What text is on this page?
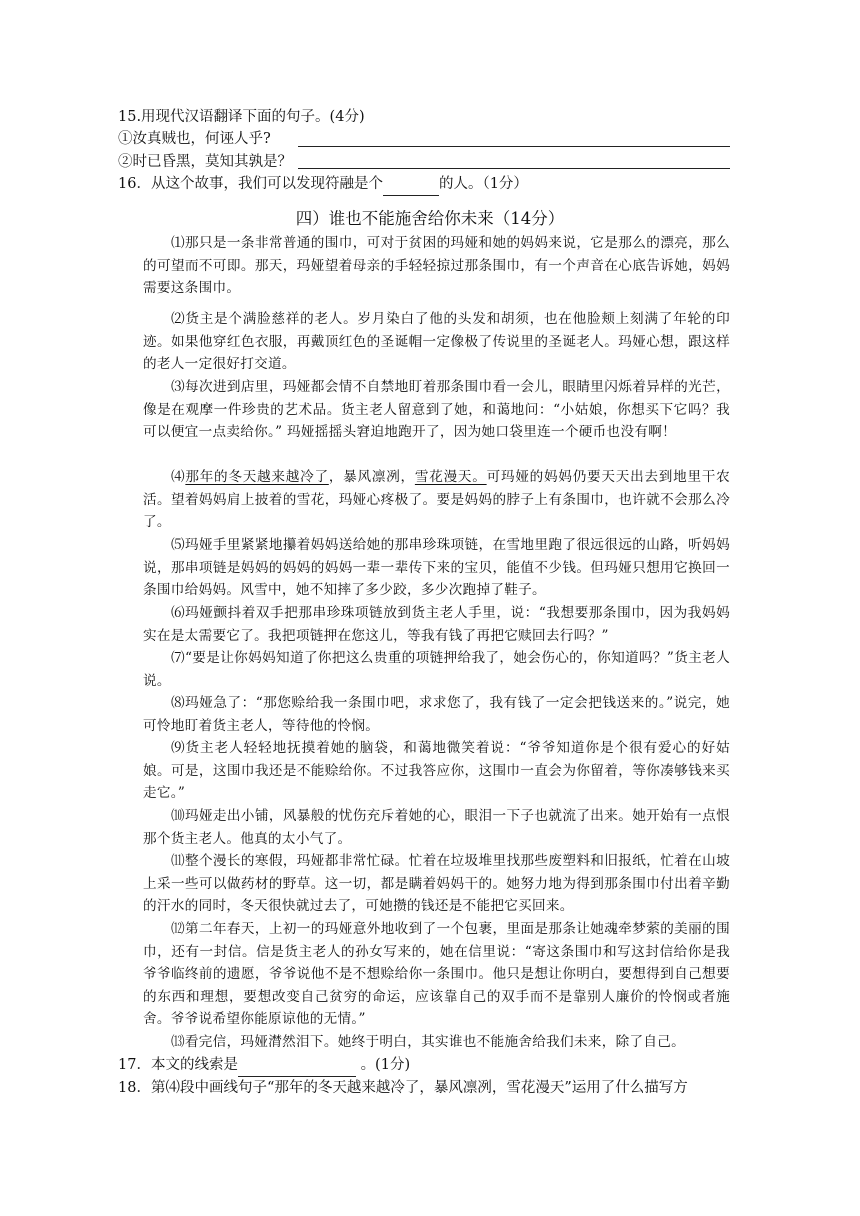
15.用现代汉语翻译下面的句子。(4分)
①汝真贼也，何诬人乎?
②时已昏黑，莫知其孰是？
16．从这个故事，我们可以发现符融是个	的人。（1分）
四）谁也不能施舍给你未来（14分）
⑴那只是一条非常普通的围巾，可对于贫困的玛娅和她的妈妈来说，它是那么的漂亮，那么的可望而不可即。那天，玛娅望着母亲的手轻轻掠过那条围巾，有一个声音在心底告诉她，妈妈需要这条围巾。
⑵货主是个满脸慈祥的老人。岁月染白了他的头发和胡须，也在他脸颊上刻满了年轮的印迹。如果他穿红色衣服，再戴顶红色的圣诞帽一定像极了传说里的圣诞老人。玛娅心想，跟这样的老人一定很好打交道。
⑶每次进到店里，玛娅都会情不自禁地盯着那条围巾看一会儿，眼睛里闪烁着异样的光芒，像是在观摩一件珍贵的艺术品。货主老人留意到了她，和蔼地问：“小姑娘，你想买下它吗？我可以便宜一点卖给你。” 玛娅摇摇头窘迫地跑开了，因为她口袋里连一个硬币也没有啊！
⑷那年的冬天越来越冷了，暴风凛冽，雪花漫天。可玛娅的妈妈仍要天天出去到地里干农活。望着妈妈肩上披着的雪花，玛娅心疼极了。要是妈妈的脖子上有条围巾，也许就不会那么冷了。
⑸玛娅手里紧紧地攥着妈妈送给她的那串珍珠项链，在雪地里跑了很远很远的山路，听妈妈说，那串项链是妈妈的妈妈的妈妈一辈一辈传下来的宝贝，能值不少钱。但玛娅只想用它换回一条围巾给妈妈。风雪中，她不知摔了多少跤，多少次跑掉了鞋子。
⑹玛娅颤抖着双手把那串珍珠项链放到货主老人手里，说：“我想要那条围巾，因为我妈妈实在是太需要它了。我把项链押在您这儿，等我有钱了再把它赎回去行吗？”
⑺“要是让你妈妈知道了你把这么贵重的项链押给我了，她会伤心的，你知道吗？”货主老人说。
⑻玛娅急了：“那您赊给我一条围巾吧，求求您了，我有钱了一定会把钱送来的。”说完，她可怜地盯着货主老人，等待他的怜悯。
⑼货主老人轻轻地抚摸着她的脑袋，和蔼地微笑着说：“爷爷知道你是个很有爱心的好姑娘。可是，这围巾我还是不能赊给你。不过我答应你，这围巾一直会为你留着，等你凑够钱来买走它。”
⑽玛娅走出小铺，风暴般的忧伤充斥着她的心，眼泪一下子也就流了出来。她开始有一点恨那个货主老人。他真的太小气了。
⑾整个漫长的寒假，玛娅都非常忙碌。忙着在垃圾堆里找那些废塑料和旧报纸，忙着在山坡上采一些可以做药材的野草。这一切，都是瞒着妈妈干的。她努力地为得到那条围巾付出着辛勤的汗水的同时，冬天很快就过去了，可她攒的钱还是不能把它买回来。
⑿第二年春天，上初一的玛娅意外地收到了一个包裹，里面是那条让她魂牵梦萦的美丽的围巾，还有一封信。信是货主老人的孙女写来的，她在信里说：“寄这条围巾和写这封信给你是我爷爷临终前的遗愿，爷爷说他不是不想赊给你一条围巾。他只是想让你明白，要想得到自己想要的东西和理想，要想改变自己贫穷的命运，应该靠自己的双手而不是靠别人廉价的怜悯或者施舍。爷爷说希望你能原谅他的无情。”
⒀看完信，玛娅潸然泪下。她终于明白，其实谁也不能施舍给我们未来，除了自己。
17．本文的线索是	。(1分)
18．第⑷段中画线句子“那年的冬天越来越冷了，暴风凛冽，雪花漫天”运用了什么描写方
